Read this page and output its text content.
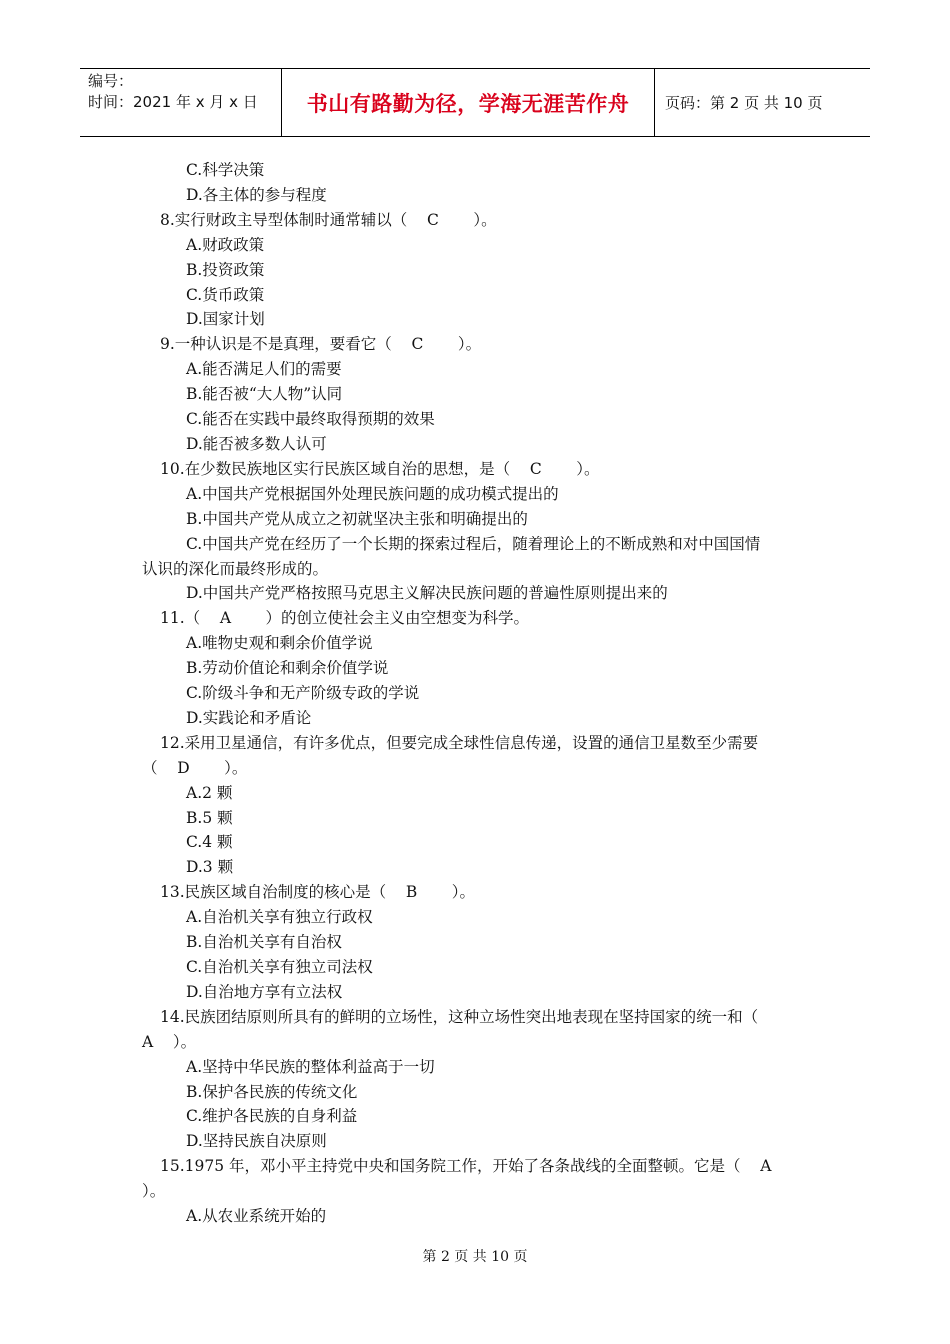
编号：
时间：2021 年 x 月 x 日	书山有路勤为径，学海无涯苦作舟 页码：第 2 页 共 10 页

C.科学决策

D.各主体的参与程度

8.实行财政主导型体制时通常辅以（    C       ）。

A.财政政策

B.投资政策

C.货币政策

D.国家计划

9.一种认识是不是真理，要看它（    C       ）。

A.能否满足人们的需要

B.能否被“大人物”认同

C.能否在实践中最终取得预期的效果

D.能否被多数人认可

10.在少数民族地区实行民族区域自治的思想，是（    C       ）。

A.中国共产党根据国外处理民族问题的成功模式提出的

B.中国共产党从成立之初就坚决主张和明确提出的

C.中国共产党在经历了一个长期的探索过程后，随着理论上的不断成熟和对中国国情

认识的深化而最终形成的。

D.中国共产党严格按照马克思主义解决民族问题的普遍性原则提出来的

11.（    A       ）的创立使社会主义由空想变为科学。

A.唯物史观和剩余价值学说

B.劳动价值论和剩余价值学说

C.阶级斗争和无产阶级专政的学说

D.实践论和矛盾论

12.采用卫星通信，有许多优点，但要完成全球性信息传递，设置的通信卫星数至少需要

（    D       ）。

A.2 颗

B.5 颗

C.4 颗

D.3 颗

13.民族区域自治制度的核心是（    B       ）。

A.自治机关享有独立行政权

B.自治机关享有自治权

C.自治机关享有独立司法权

D.自治地方享有立法权

14.民族团结原则所具有的鲜明的立场性，这种立场性突出地表现在坚持国家的统一和（

A    ）。

A.坚持中华民族的整体利益高于一切

B.保护各民族的传统文化

C.维护各民族的自身利益

D.坚持民族自决原则

15.1975 年，邓小平主持党中央和国务院工作，开始了各条战线的全面整顿。它是（    A

）。

A.从农业系统开始的

第 2 页 共 10 页
